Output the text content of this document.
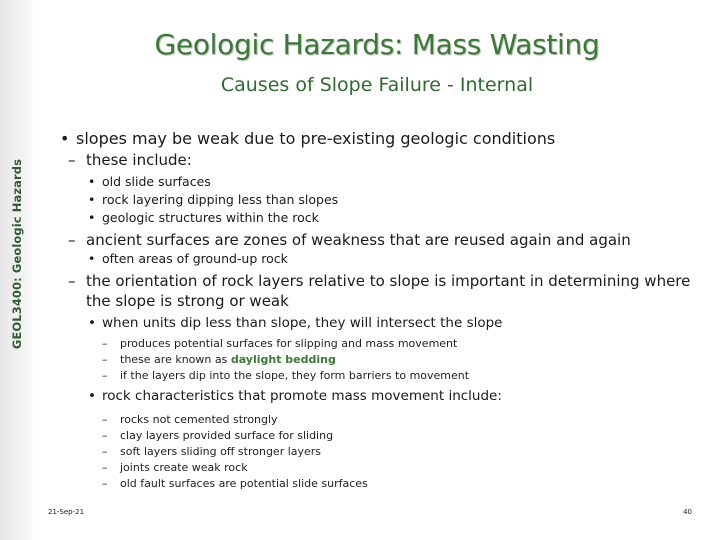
GEOL3400: Geologic Hazards
Geologic Hazards: Mass Wasting
Causes of Slope Failure - Internal
• slopes may be weak due to pre-existing geologic conditions
– these include:
• old slide surfaces
• rock layering dipping less than slopes
• geologic structures within the rock
– ancient surfaces are zones of weakness that are reused again and again
• often areas of ground-up rock
– the orientation of rock layers relative to slope is important in determining where the slope is strong or weak
• when units dip less than slope, they will intersect the slope
– produces potential surfaces for slipping and mass movement
– these are known as daylight bedding
– if the layers dip into the slope, they form barriers to movement
• rock characteristics that promote mass movement include:
– rocks not cemented strongly
– clay layers provided surface for sliding
– soft layers sliding off stronger layers
– joints create weak rock
– old fault surfaces are potential slide surfaces
21-Sep-21	40
